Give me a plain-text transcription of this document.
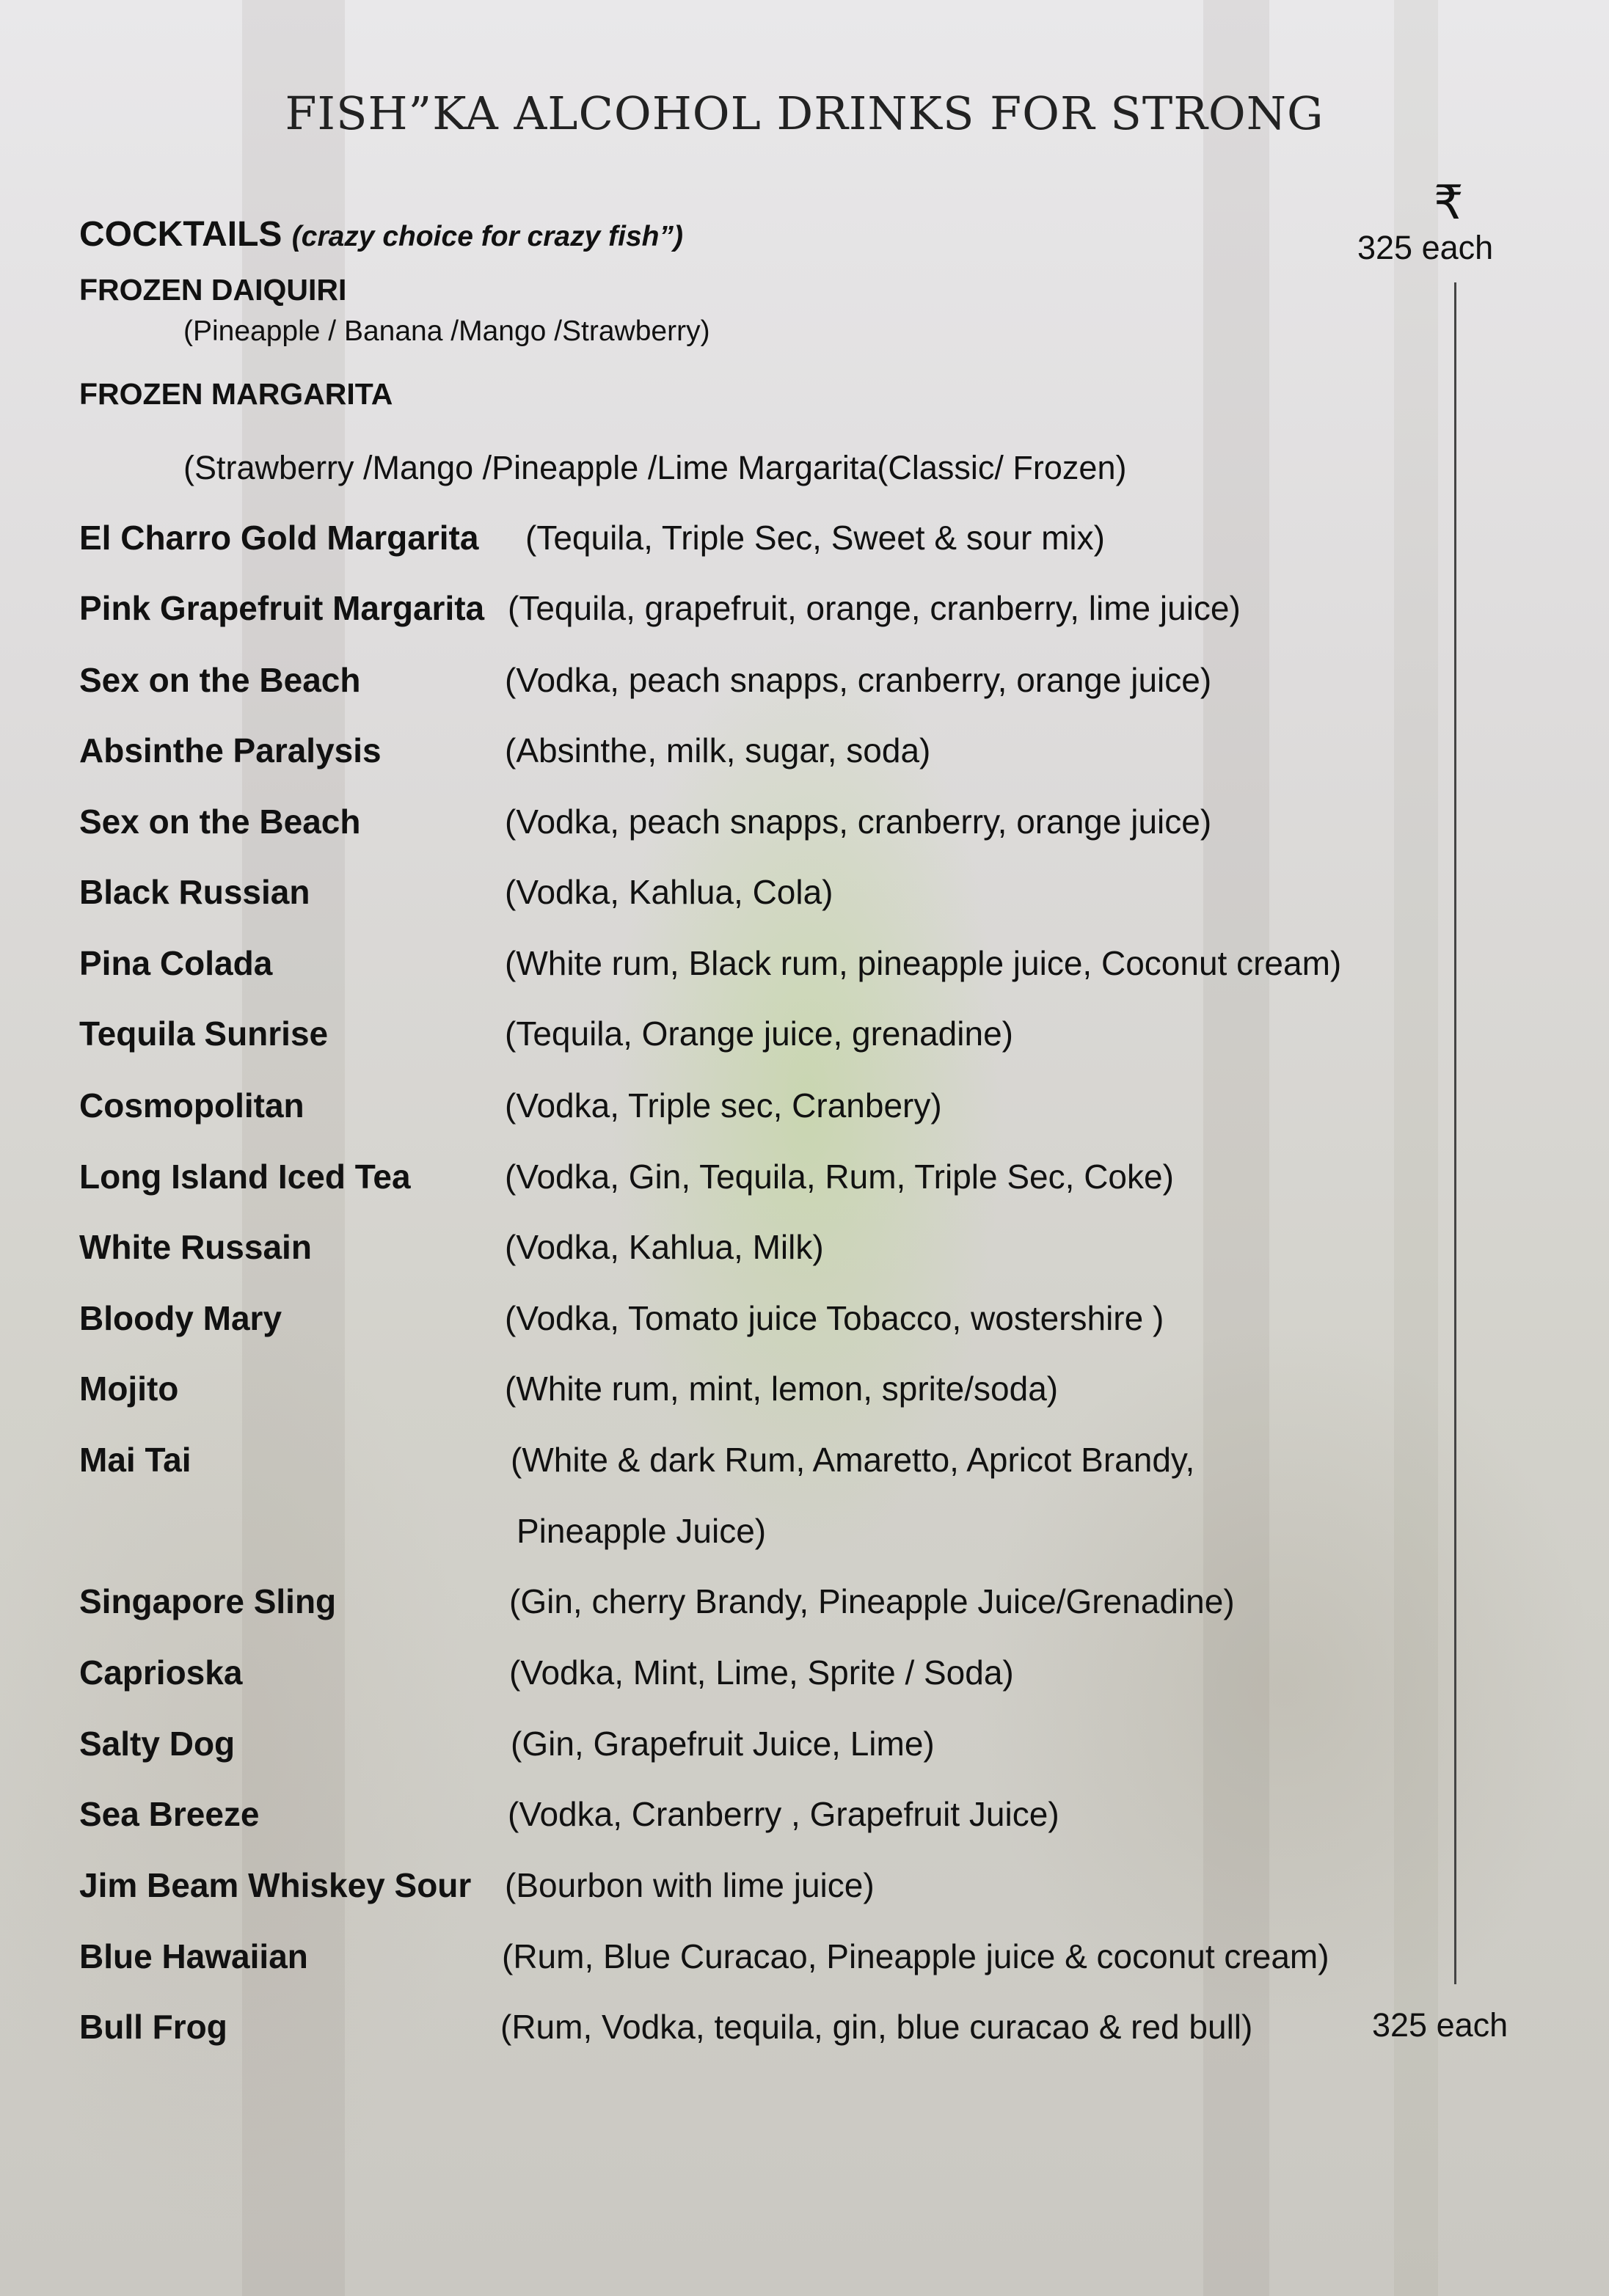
FISH”KA ALCOHOL DRINKS FOR STRONG
COCKTAILS (crazy choice for crazy fish”)
₹
325 each
FROZEN DAIQUIRI
(Pineapple / Banana /Mango /Strawberry)
FROZEN MARGARITA
(Strawberry /Mango /Pineapple /Lime Margarita(Classic/ Frozen)
El Charro Gold Margarita (Tequila, Triple Sec, Sweet & sour mix)
Pink Grapefruit Margarita (Tequila, grapefruit, orange, cranberry, lime juice)
Sex on the Beach	(Vodka, peach snapps, cranberry, orange juice)
Absinthe Paralysis	(Absinthe, milk, sugar, soda)
Sex on the Beach	(Vodka, peach snapps, cranberry, orange juice)
Black Russian	(Vodka, Kahlua, Cola)
Pina Colada	(White rum, Black rum, pineapple juice, Coconut cream)
Tequila Sunrise	(Tequila, Orange juice, grenadine)
Cosmopolitan	(Vodka, Triple sec, Cranbery)
Long Island Iced Tea	(Vodka, Gin, Tequila, Rum, Triple Sec, Coke)
White Russain	(Vodka, Kahlua, Milk)
Bloody Mary	(Vodka, Tomato juice Tobacco, wostershire )
Mojito	(White rum, mint, lemon, sprite/soda)
Mai Tai	(White & dark Rum, Amaretto, Apricot Brandy,
Pineapple Juice)
Singapore Sling	(Gin, cherry Brandy, Pineapple Juice/Grenadine)
Caprioska	(Vodka, Mint, Lime, Sprite / Soda)
Salty Dog	(Gin, Grapefruit Juice, Lime)
Sea Breeze	(Vodka, Cranberry , Grapefruit Juice)
Jim Beam Whiskey Sour (Bourbon with lime juice)
Blue Hawaiian	(Rum, Blue Curacao, Pineapple juice & coconut cream)
Bull Frog	(Rum, Vodka, tequila, gin, blue curacao & red bull)	325 each
